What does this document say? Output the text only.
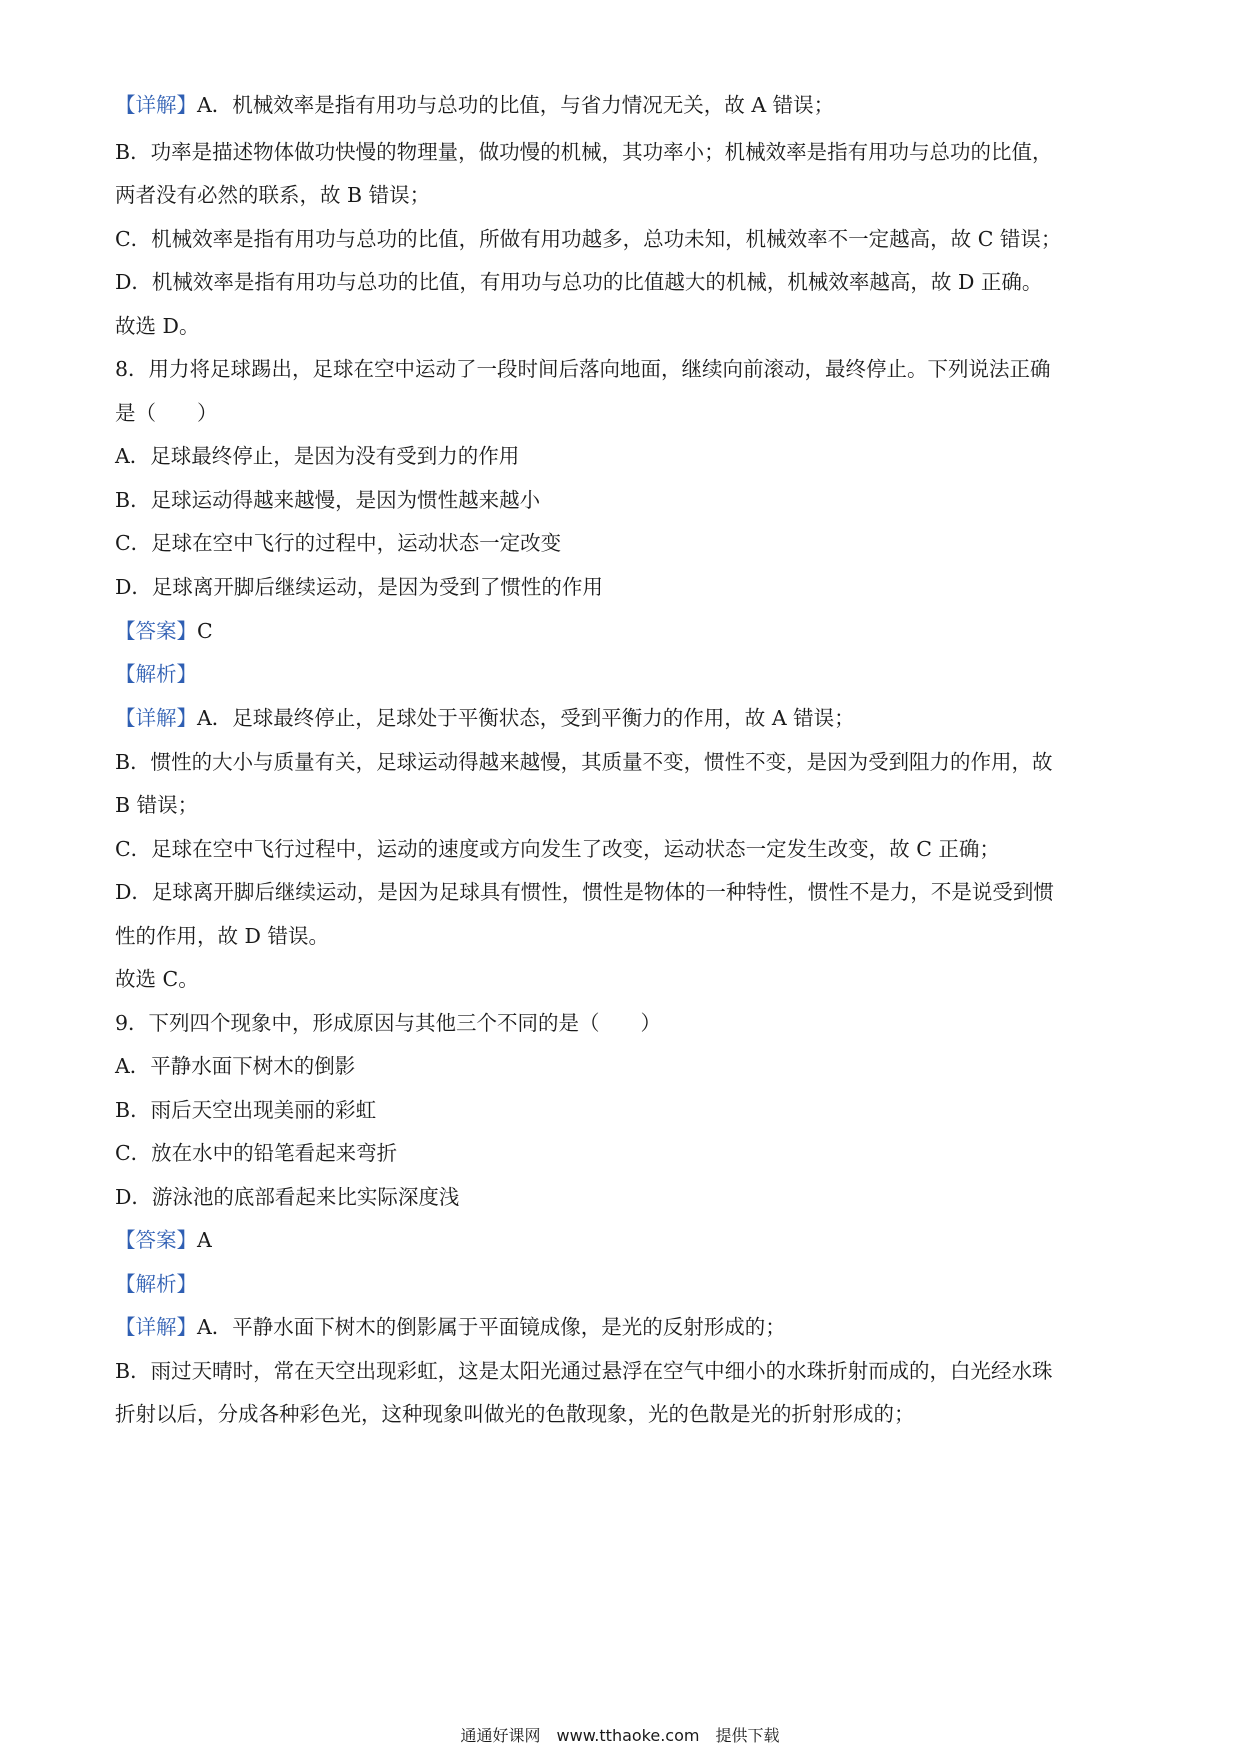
【详解】A．机械效率是指有用功与总功的比值，与省力情况无关，故 A 错误；
B．功率是描述物体做功快慢的物理量，做功慢的机械，其功率小；机械效率是指有用功与总功的比值，
两者没有必然的联系，故 B 错误；
C．机械效率是指有用功与总功的比值，所做有用功越多，总功未知，机械效率不一定越高，故 C 错误；
D．机械效率是指有用功与总功的比值，有用功与总功的比值越大的机械，机械效率越高，故 D 正确。
故选 D。
8．用力将足球踢出，足球在空中运动了一段时间后落向地面，继续向前滚动，最终停止。下列说法正确
是（　　）
A．足球最终停止，是因为没有受到力的作用
B．足球运动得越来越慢，是因为惯性越来越小
C．足球在空中飞行的过程中，运动状态一定改变
D．足球离开脚后继续运动，是因为受到了惯性的作用
【答案】C
【解析】
【详解】A．足球最终停止，足球处于平衡状态，受到平衡力的作用，故 A 错误；
B．惯性的大小与质量有关，足球运动得越来越慢，其质量不变，惯性不变，是因为受到阻力的作用，故
B 错误；
C．足球在空中飞行过程中，运动的速度或方向发生了改变，运动状态一定发生改变，故 C 正确；
D．足球离开脚后继续运动，是因为足球具有惯性，惯性是物体的一种特性，惯性不是力，不是说受到惯
性的作用，故 D 错误。
故选 C。
9．下列四个现象中，形成原因与其他三个不同的是（　　）
A．平静水面下树木的倒影
B．雨后天空出现美丽的彩虹
C．放在水中的铅笔看起来弯折
D．游泳池的底部看起来比实际深度浅
【答案】A
【解析】
【详解】A．平静水面下树木的倒影属于平面镜成像，是光的反射形成的；
B．雨过天晴时，常在天空出现彩虹，这是太阳光通过悬浮在空气中细小的水珠折射而成的，白光经水珠
折射以后，分成各种彩色光，这种现象叫做光的色散现象，光的色散是光的折射形成的；
通通好课网　www.tthaoke.com　提供下载
